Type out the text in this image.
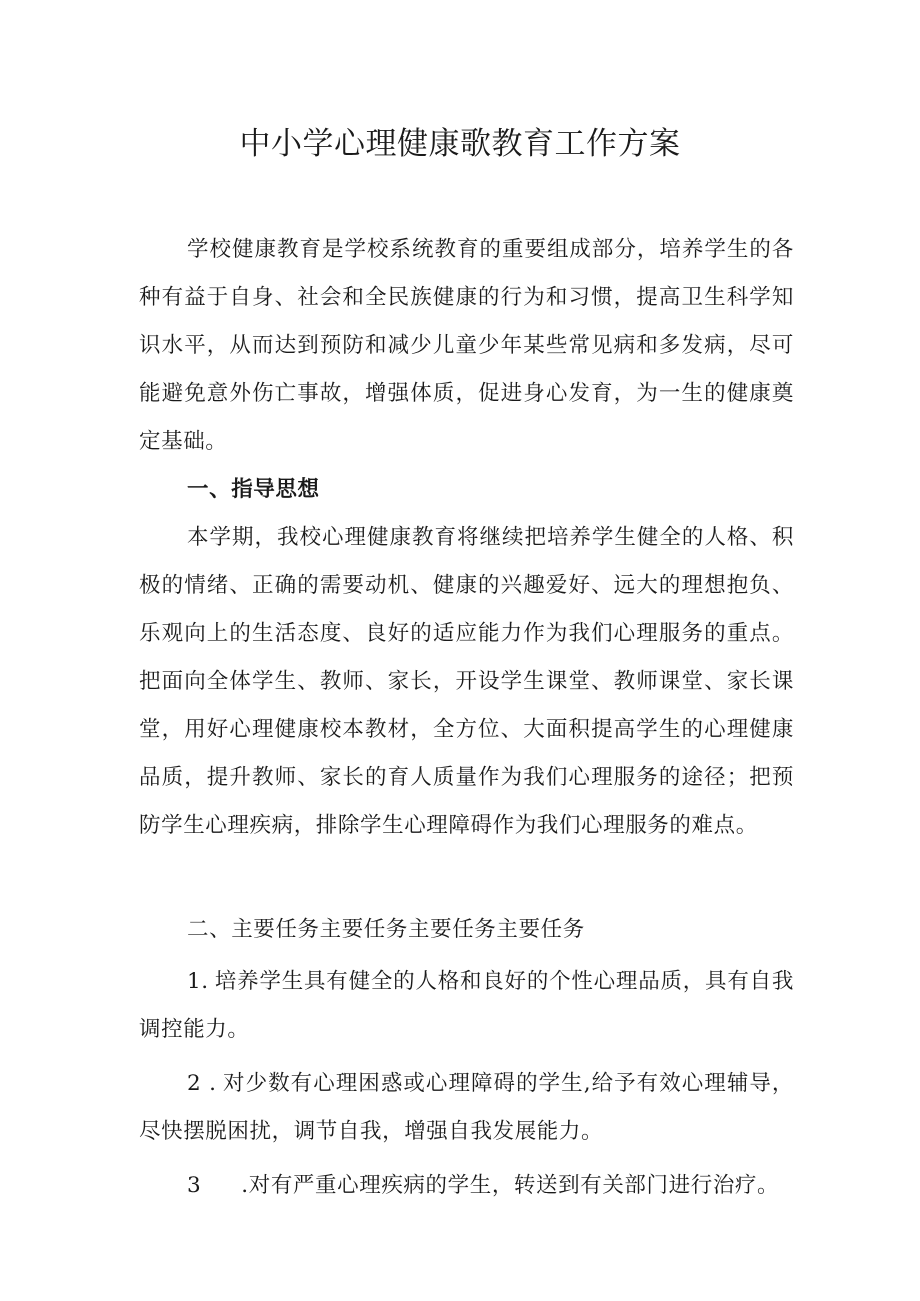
中小学心理健康歌教育工作方案

学校健康教育是学校系统教育的重要组成部分，培养学生的各种有益于自身、社会和全民族健康的行为和习惯，提高卫生科学知识水平，从而达到预防和减少儿童少年某些常见病和多发病，尽可能避免意外伤亡事故，增强体质，促进身心发育，为一生的健康奠定基础。

一、指导思想

本学期，我校心理健康教育将继续把培养学生健全的人格、积极的情绪、正确的需要动机、健康的兴趣爱好、远大的理想抱负、乐观向上的生活态度、良好的适应能力作为我们心理服务的重点。把面向全体学生、教师、家长，开设学生课堂、教师课堂、家长课堂，用好心理健康校本教材，全方位、大面积提高学生的心理健康品质，提升教师、家长的育人质量作为我们心理服务的途径；把预防学生心理疾病，排除学生心理障碍作为我们心理服务的难点。

二、主要任务主要任务主要任务主要任务

1. 培养学生具有健全的人格和良好的个性心理品质，具有自我调控能力。

2 . 对少数有心理困惑或心理障碍的学生,给予有效心理辅导，尽快摆脱困扰，调节自我，增强自我发展能力。

3 .对有严重心理疾病的学生，转送到有关部门进行治疗。
